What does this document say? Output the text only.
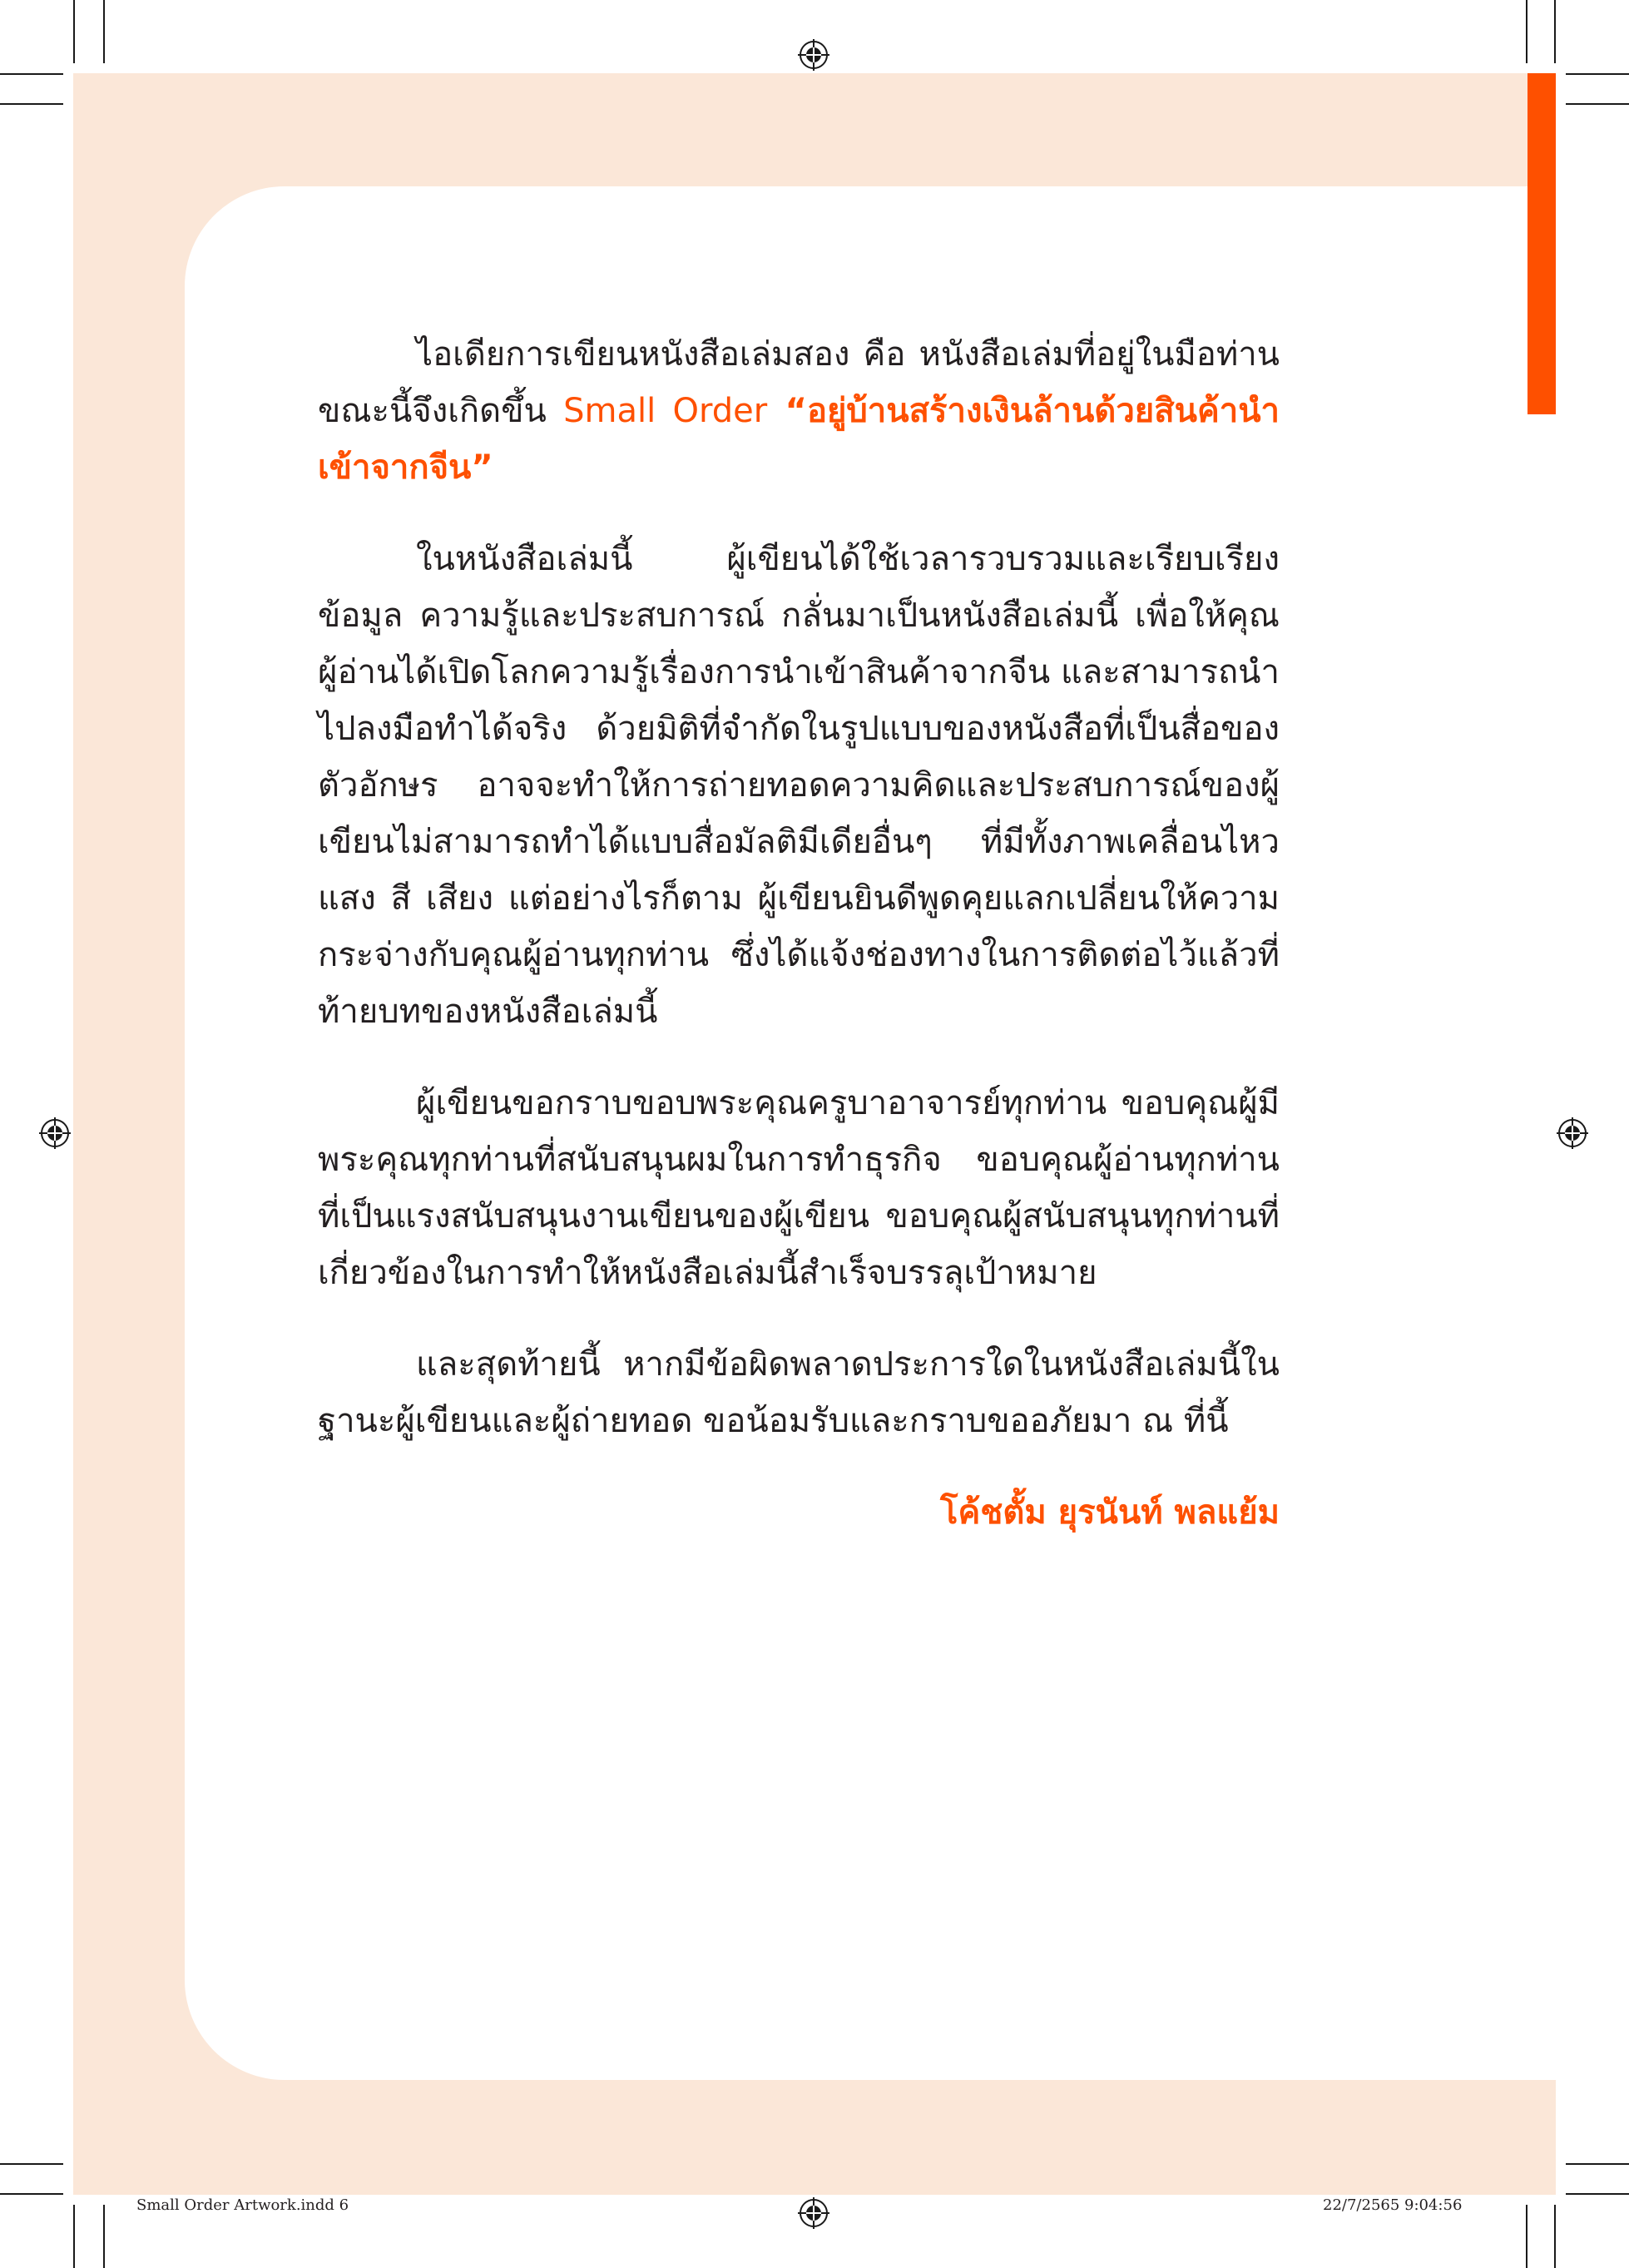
ไอเดียการเขียนหนังสือเล่มสอง คือ หนังสือเล่มที่อยู่ในมือท่านขณะนี้จึงเกิดขึ้น Small Order “อยู่บ้านสร้างเงินล้านด้วยสินค้านำเข้าจากจีน”

ในหนังสือเล่มนี้ ผู้เขียนได้ใช้เวลารวบรวมและเรียบเรียงข้อมูล ความรู้และประสบการณ์ กลั่นมาเป็นหนังสือเล่มนี้ เพื่อให้คุณผู้อ่านได้เปิดโลกความรู้เรื่องการนำเข้าสินค้าจากจีน และสามารถนำไปลงมือทำได้จริง ด้วยมิติที่จำกัดในรูปแบบของหนังสือที่เป็นสื่อของตัวอักษร อาจจะทำให้การถ่ายทอดความคิดและประสบการณ์ของผู้เขียนไม่สามารถทำได้แบบสื่อมัลติมีเดียอื่นๆ ที่มีทั้งภาพเคลื่อนไหว แสง สี เสียง แต่อย่างไรก็ตาม ผู้เขียนยินดีพูดคุยแลกเปลี่ยนให้ความกระจ่างกับคุณผู้อ่านทุกท่าน ซึ่งได้แจ้งช่องทางในการติดต่อไว้แล้วที่ท้ายบทของหนังสือเล่มนี้

ผู้เขียนขอกราบขอบพระคุณครูบาอาจารย์ทุกท่าน ขอบคุณผู้มีพระคุณทุกท่านที่สนับสนุนผมในการทำธุรกิจ ขอบคุณผู้อ่านทุกท่าน ที่เป็นแรงสนับสนุนงานเขียนของผู้เขียน ขอบคุณผู้สนับสนุนทุกท่านที่เกี่ยวข้องในการทำให้หนังสือเล่มนี้สำเร็จบรรลุเป้าหมาย

และสุดท้ายนี้ หากมีข้อผิดพลาดประการใดในหนังสือเล่มนี้ในฐานะผู้เขียนและผู้ถ่ายทอด ขอน้อมรับและกราบขออภัยมา ณ ที่นี้

โค้ชตั้ม ยุรนันท์ พลแย้ม
Small Order Artwork.indd 6	22/7/2565 9:04:56
